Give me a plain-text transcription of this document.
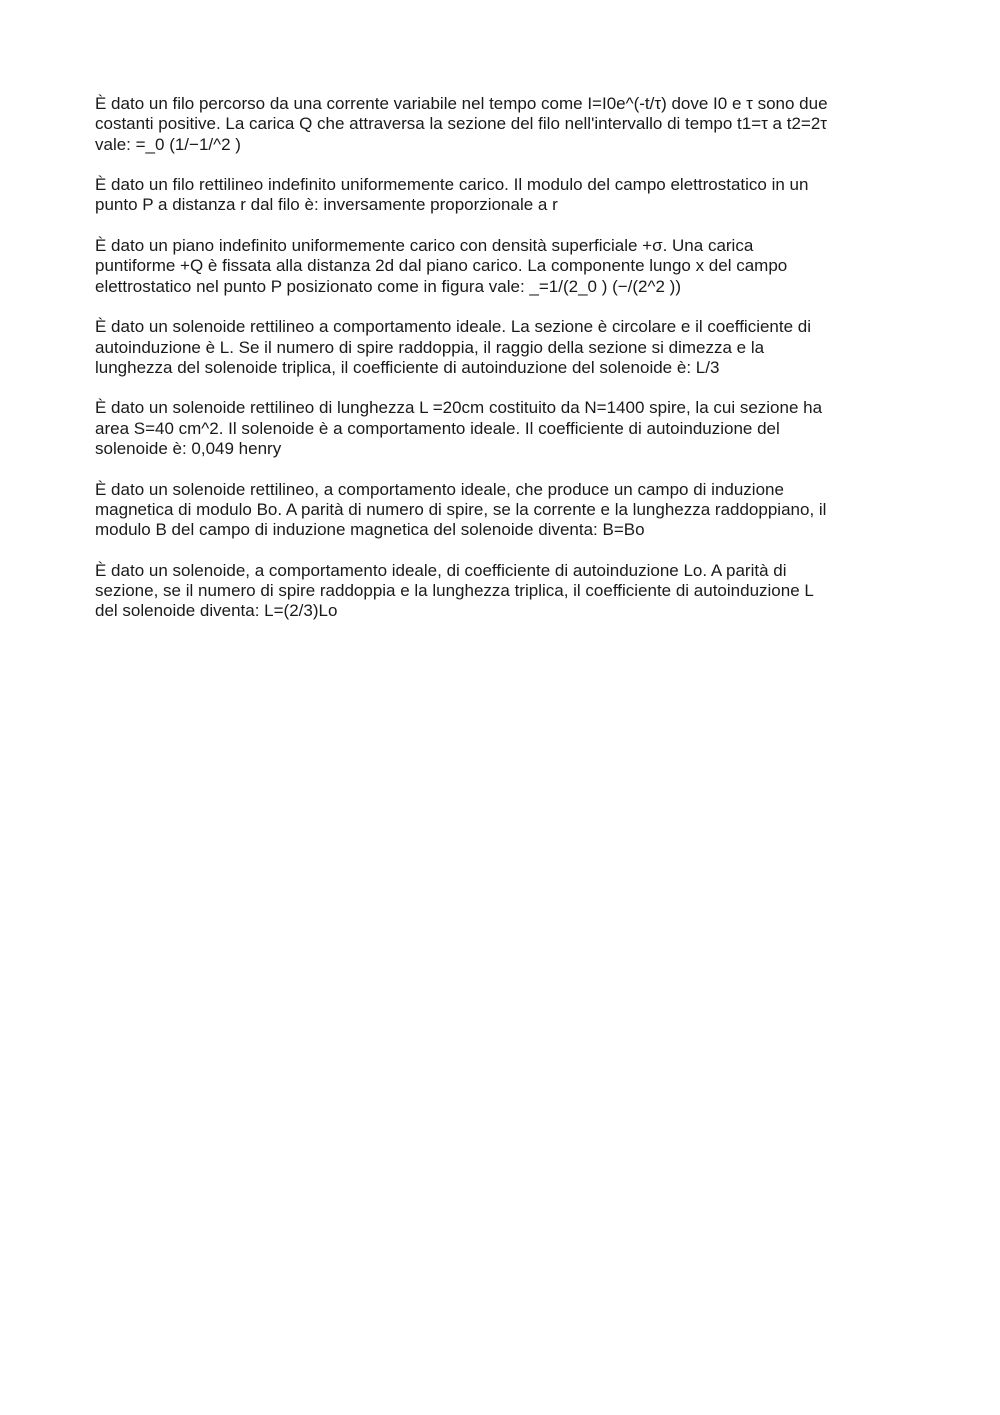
È dato un filo percorso da una corrente variabile nel tempo come I=I0e^(-t/τ) dove I0 e τ sono due
costanti positive. La carica Q che attraversa la sezione del filo nell'intervallo di tempo t1=τ a t2=2τ
vale: =_0 (1/−1/^2 )

È dato un filo rettilineo indefinito uniformemente carico. Il modulo del campo elettrostatico in un
punto P a distanza r dal filo è: inversamente proporzionale a r

È dato un piano indefinito uniformemente carico con densità superficiale +σ. Una carica
puntiforme +Q è fissata alla distanza 2d dal piano carico. La componente lungo x del campo
elettrostatico nel punto P posizionato come in figura vale: _=1/(2_0 ) (−/(2^2 ))

È dato un solenoide rettilineo a comportamento ideale. La sezione è circolare e il coefficiente di
autoinduzione è L. Se il numero di spire raddoppia, il raggio della sezione si dimezza e la
lunghezza del solenoide triplica, il coefficiente di autoinduzione del solenoide è: L/3

È dato un solenoide rettilineo di lunghezza L =20cm costituito da N=1400 spire, la cui sezione ha
area S=40 cm^2. Il solenoide è a comportamento ideale. Il coefficiente di autoinduzione del
solenoide è: 0,049 henry

È dato un solenoide rettilineo, a comportamento ideale, che produce un campo di induzione
magnetica di modulo Bo. A parità di numero di spire, se la corrente e la lunghezza raddoppiano, il
modulo B del campo di induzione magnetica del solenoide diventa: B=Bo

È dato un solenoide, a comportamento ideale, di coefficiente di autoinduzione Lo. A parità di
sezione, se il numero di spire raddoppia e la lunghezza triplica, il coefficiente di autoinduzione L
del solenoide diventa: L=(2/3)Lo
